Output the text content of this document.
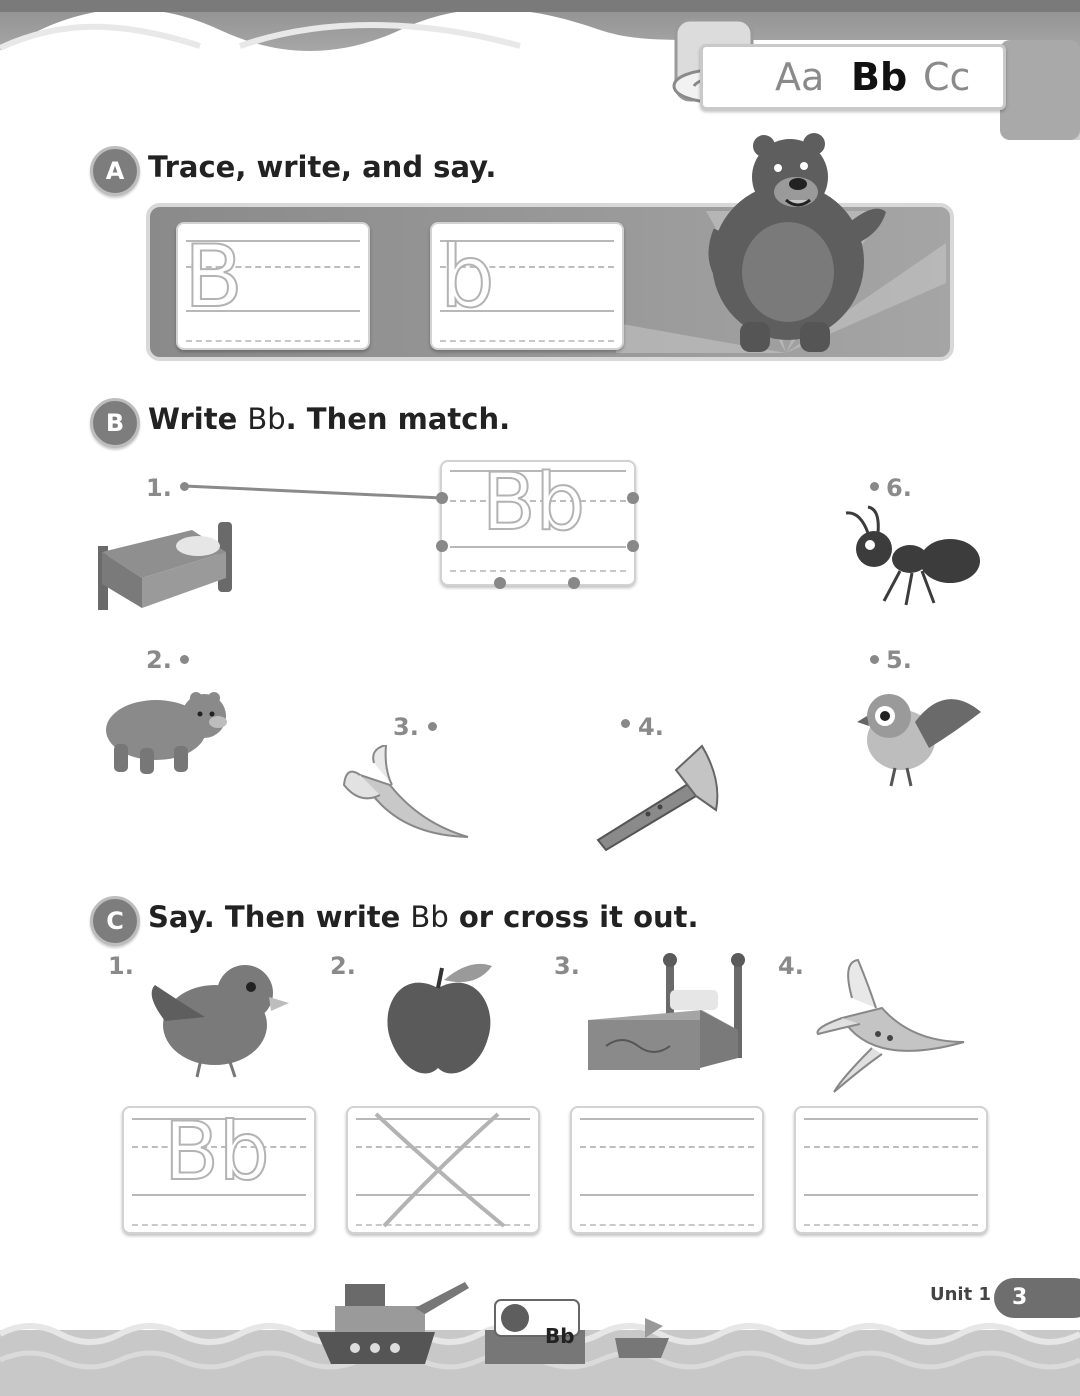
Aa Bb Cc
A Trace, write, and say.
B b
B Write Bb. Then match.
Bb
1.
2.
3.	4.
5.
6.
C Say. Then write Bb or cross it out.
1.	2.	3.	4.
Bb
Unit 1 3
Bb
